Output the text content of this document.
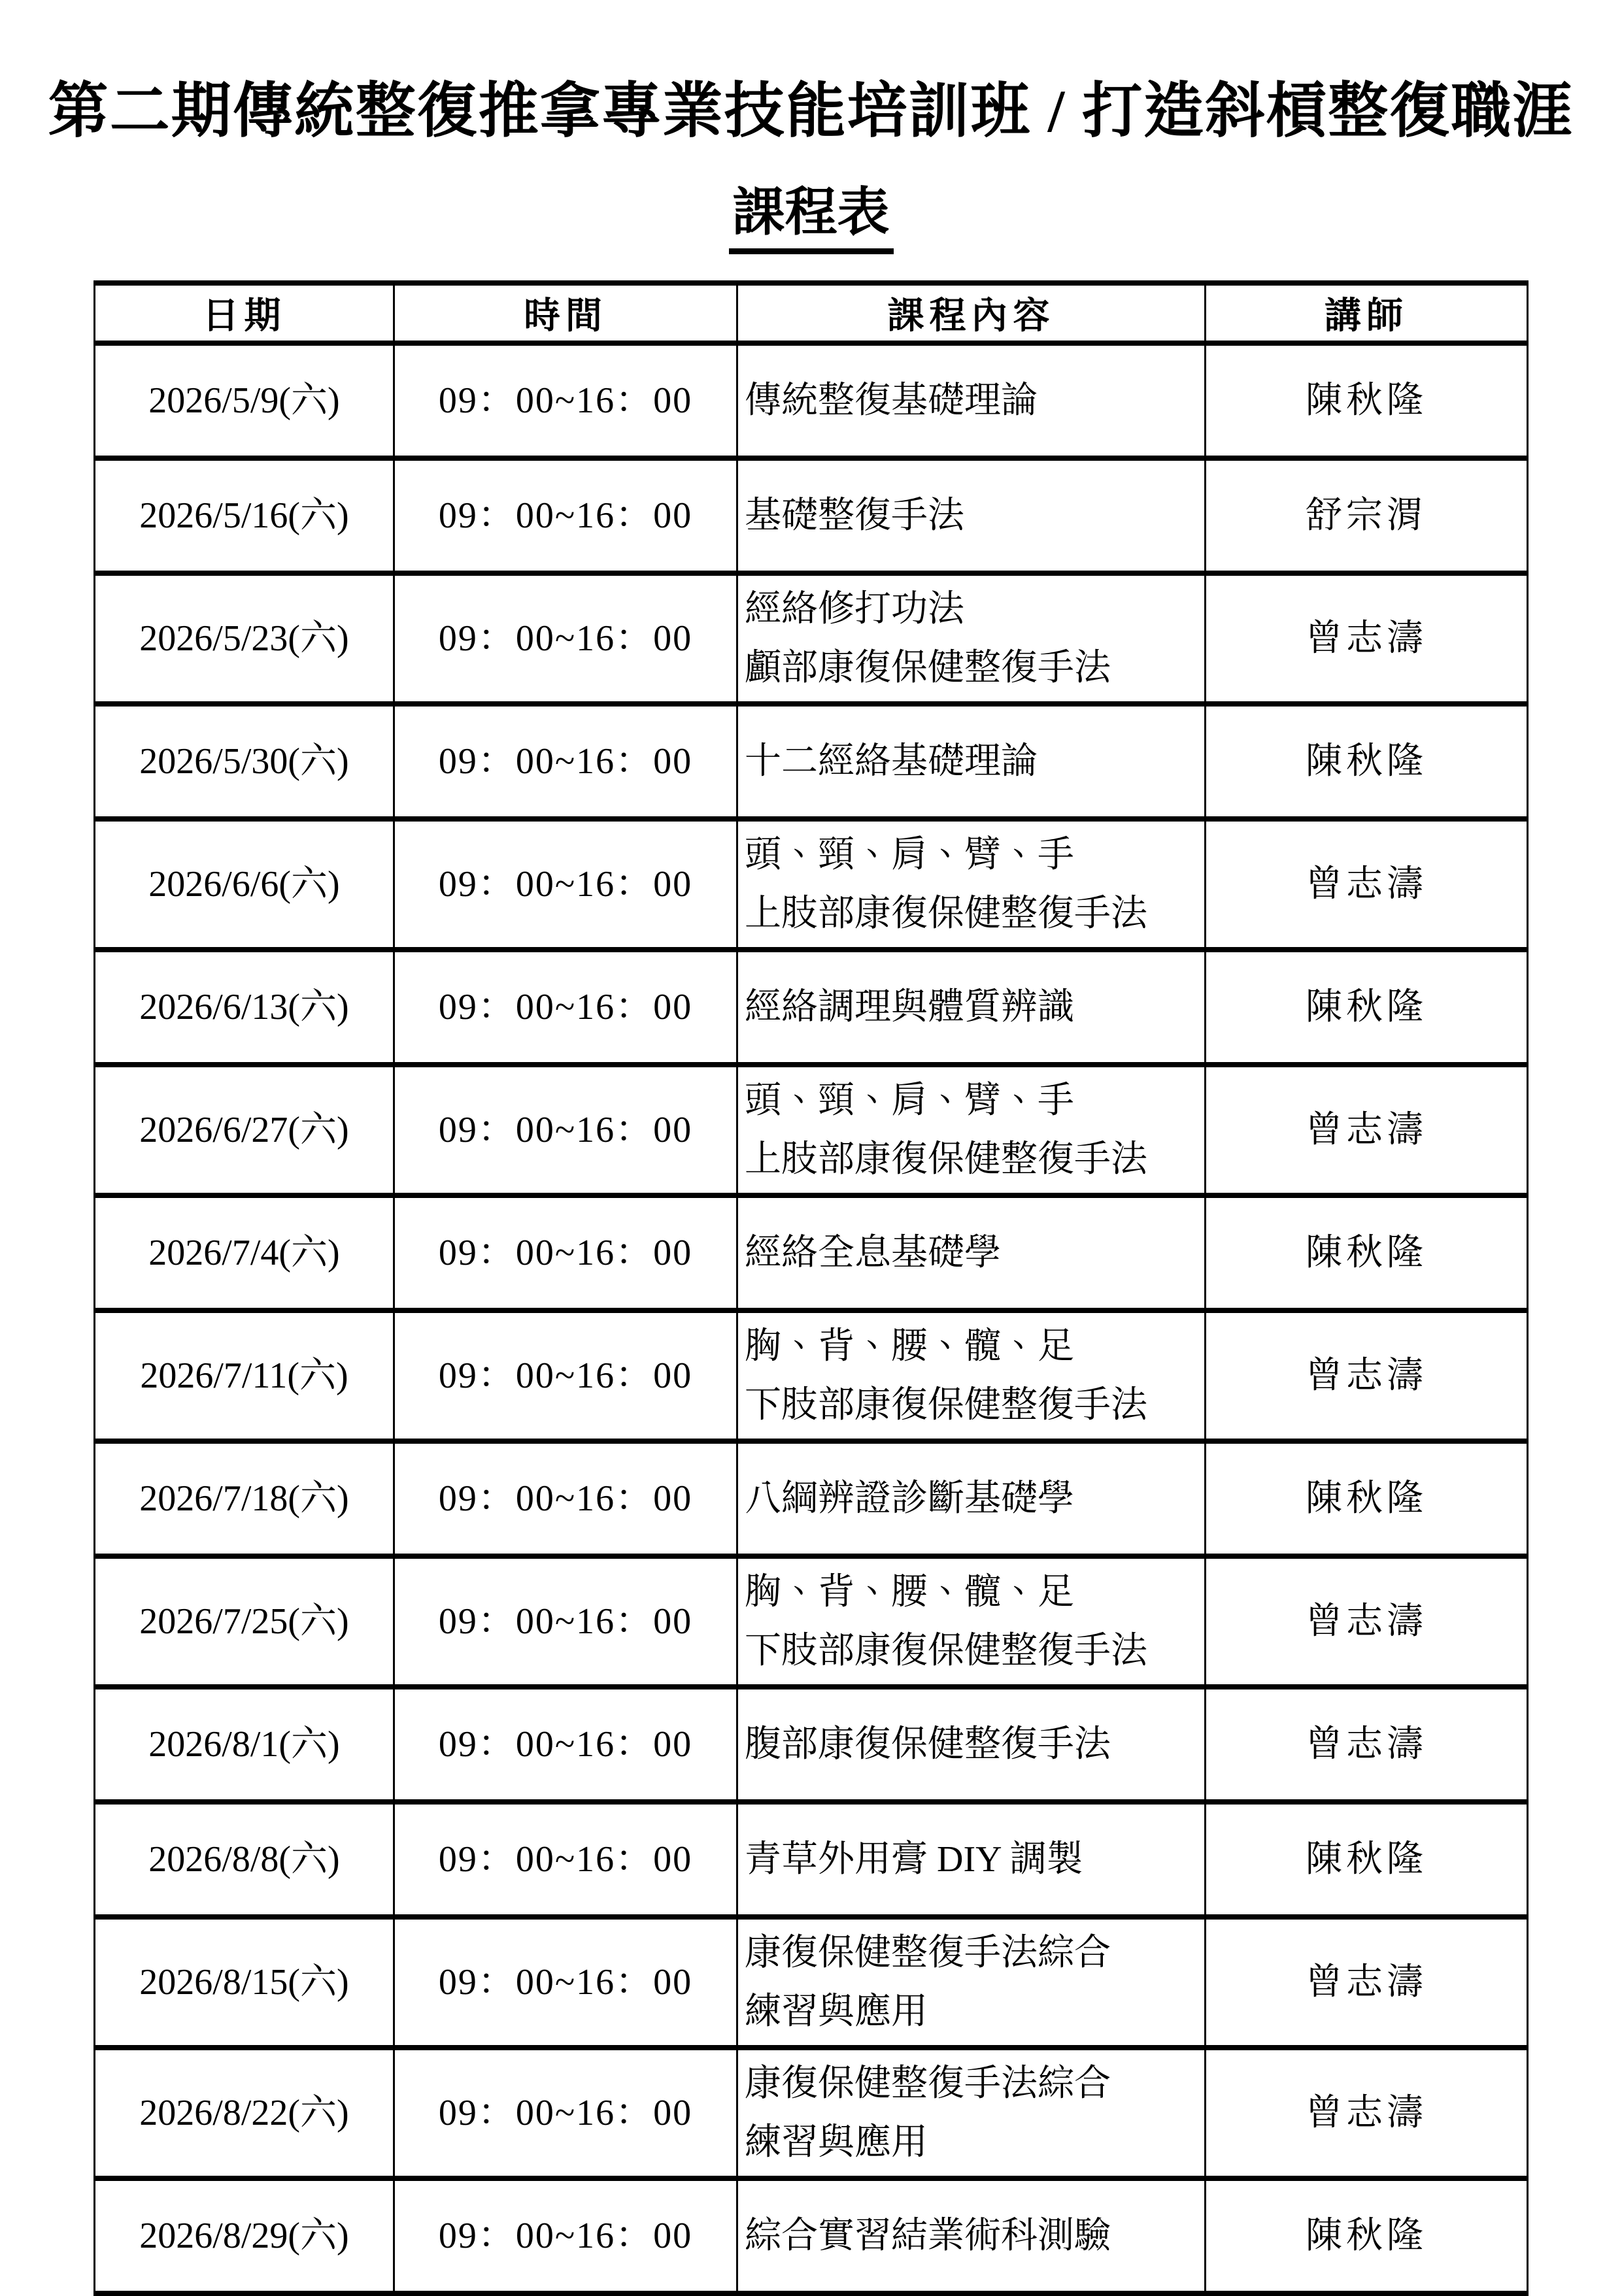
第二期傳統整復推拿專業技能培訓班 / 打造斜槓整復職涯
課程表
日期	時間	課程內容	講師

2026/5/9(六)	09：00~16：00	傳統整復基礎理論	陳秋隆

2026/5/16(六)	09：00~16：00	基礎整復手法	舒宗渭

2026/5/23(六)	09：00~16：00	經絡修打功法
顱部康復保健整復手法	曾志濤

2026/5/30(六)	09：00~16：00	十二經絡基礎理論	陳秋隆

2026/6/6(六)	09：00~16：00	頭、頸、肩、臂、手
上肢部康復保健整復手法	曾志濤

2026/6/13(六)	09：00~16：00	經絡調理與體質辨識	陳秋隆

2026/6/27(六)	09：00~16：00	頭、頸、肩、臂、手
上肢部康復保健整復手法	曾志濤

2026/7/4(六)	09：00~16：00	經絡全息基礎學	陳秋隆

2026/7/11(六)	09：00~16：00	胸、背、腰、髖、足
下肢部康復保健整復手法	曾志濤

2026/7/18(六)	09：00~16：00	八綱辨證診斷基礎學	陳秋隆

2026/7/25(六)	09：00~16：00	胸、背、腰、髖、足
下肢部康復保健整復手法	曾志濤

2026/8/1(六)	09：00~16：00	腹部康復保健整復手法	曾志濤

2026/8/8(六)	09：00~16：00	青草外用膏 DIY 調製	陳秋隆

2026/8/15(六)	09：00~16：00	康復保健整復手法綜合
練習與應用	曾志濤

2026/8/22(六)	09：00~16：00	康復保健整復手法綜合
練習與應用	曾志濤

2026/8/29(六)	09：00~16：00	綜合實習結業術科測驗	陳秋隆
